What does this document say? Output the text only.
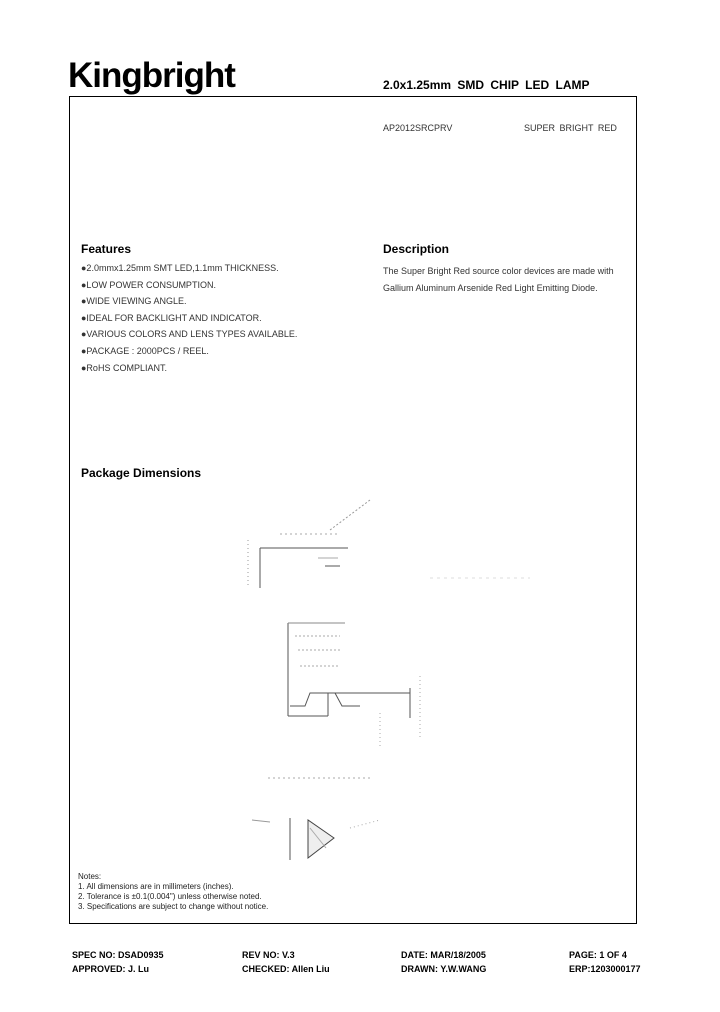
Kingbright	2.0x1.25mm SMD CHIP LED LAMP
AP2012SRCPRV	SUPER BRIGHT RED
Features
●2.0mmx1.25mm SMT LED,1.1mm THICKNESS.
●LOW POWER CONSUMPTION.
●WIDE VIEWING ANGLE.
●IDEAL FOR BACKLIGHT AND INDICATOR.
●VARIOUS COLORS AND LENS TYPES AVAILABLE.
●PACKAGE : 2000PCS / REEL.
●RoHS COMPLIANT.
Description
The Super Bright Red source color devices are made with Gallium Aluminum Arsenide Red Light Emitting Diode.
Package Dimensions
Notes:
1. All dimensions are in millimeters (inches).
2. Tolerance is ±0.1(0.004") unless otherwise noted.
3. Specifications are subject to change without notice.
SPEC NO: DSAD0935	REV NO: V.3	DATE: MAR/18/2005	PAGE: 1 OF 4
APPROVED: J. Lu	CHECKED: Allen Liu	DRAWN: Y.W.WANG	ERP:1203000177
